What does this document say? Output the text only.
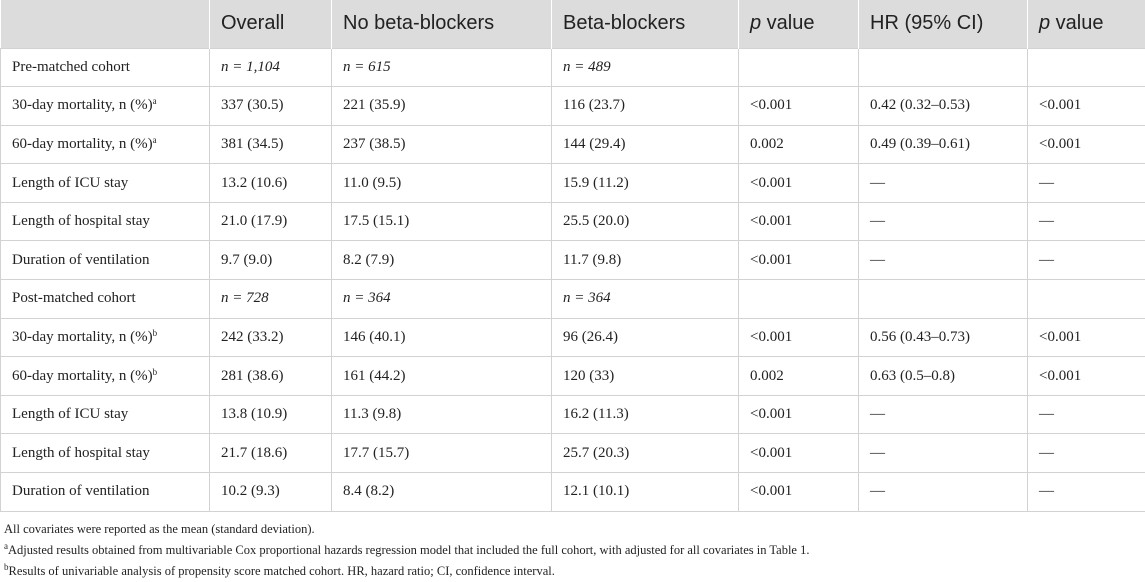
	Overall	No beta-blockers	Beta-blockers	p value	HR (95% CI)	p value
Pre-matched cohort	n = 1,104	n = 615	n = 489			
30-day mortality, n (%)$^a$	337 (30.5)	221 (35.9)	116 (23.7)	<0.001	0.42 (0.32–0.53)	<0.001
60-day mortality, n (%)$^a$	381 (34.5)	237 (38.5)	144 (29.4)	0.002	0.49 (0.39–0.61)	<0.001
Length of ICU stay	13.2 (10.6)	11.0 (9.5)	15.9 (11.2)	<0.001	—	—
Length of hospital stay	21.0 (17.9)	17.5 (15.1)	25.5 (20.0)	<0.001	—	—
Duration of ventilation	9.7 (9.0)	8.2 (7.9)	11.7 (9.8)	<0.001	—	—
Post-matched cohort	n = 728	n = 364	n = 364			
30-day mortality, n (%)$^b$	242 (33.2)	146 (40.1)	96 (26.4)	<0.001	0.56 (0.43–0.73)	<0.001
60-day mortality, n (%)$^b$	281 (38.6)	161 (44.2)	120 (33)	0.002	0.63 (0.5–0.8)	<0.001
Length of ICU stay	13.8 (10.9)	11.3 (9.8)	16.2 (11.3)	<0.001	—	—
Length of hospital stay	21.7 (18.6)	17.7 (15.7)	25.7 (20.3)	<0.001	—	—
Duration of ventilation	10.2 (9.3)	8.4 (8.2)	12.1 (10.1)	<0.001	—	—
All covariates were reported as the mean (standard deviation).
$^a$Adjusted results obtained from multivariable Cox proportional hazards regression model that included the full cohort, with adjusted for all covariates in Table 1.
$^b$Results of univariable analysis of propensity score matched cohort. HR, hazard ratio; CI, confidence interval.
